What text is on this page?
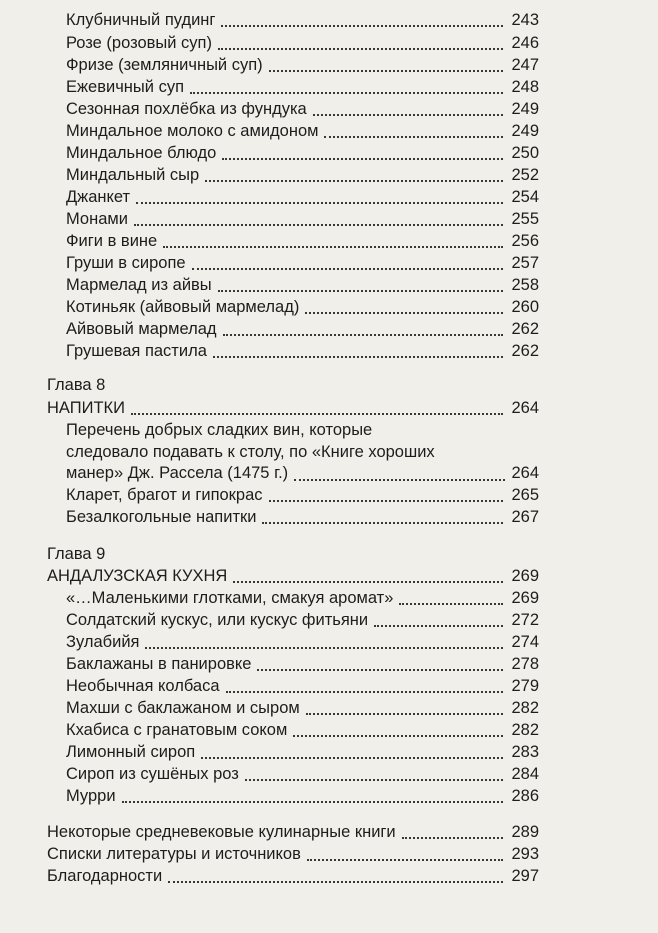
Клубничный пудинг	243
Розе (розовый суп)	246
Фризе (земляничный суп)	247
Ежевичный суп	248
Сезонная похлёбка из фундука	249
Миндальное молоко с амидоном	249
Миндальное блюдо	250
Миндальный сыр	252
Джанкет	254
Монами	255
Фиги в вине	256
Груши в сиропе	257
Мармелад из айвы	258
Котиньяк (айвовый мармелад)	260
Айвовый мармелад	262
Грушевая пастила	262
Глава 8
НАПИТКИ	264
Перечень добрых сладких вин, которые
следовало подавать к столу, по «Книге хороших
манер» Дж. Рассела (1475 г.)	264
Кларет, брагот и гипокрас	265
Безалкогольные напитки	267
Глава 9
АНДАЛУЗСКАЯ КУХНЯ	269
«…Маленькими глотками, смакуя аромат»	269
Солдатский кускус, или кускус фитьяни	272
Зулабийя	274
Баклажаны в панировке	278
Необычная колбаса	279
Махши с баклажаном и сыром	282
Кхабиса с гранатовым соком	282
Лимонный сироп	283
Сироп из сушёных роз	284
Мурри	286
Некоторые средневековые кулинарные книги	289
Списки литературы и источников	293
Благодарности	297
